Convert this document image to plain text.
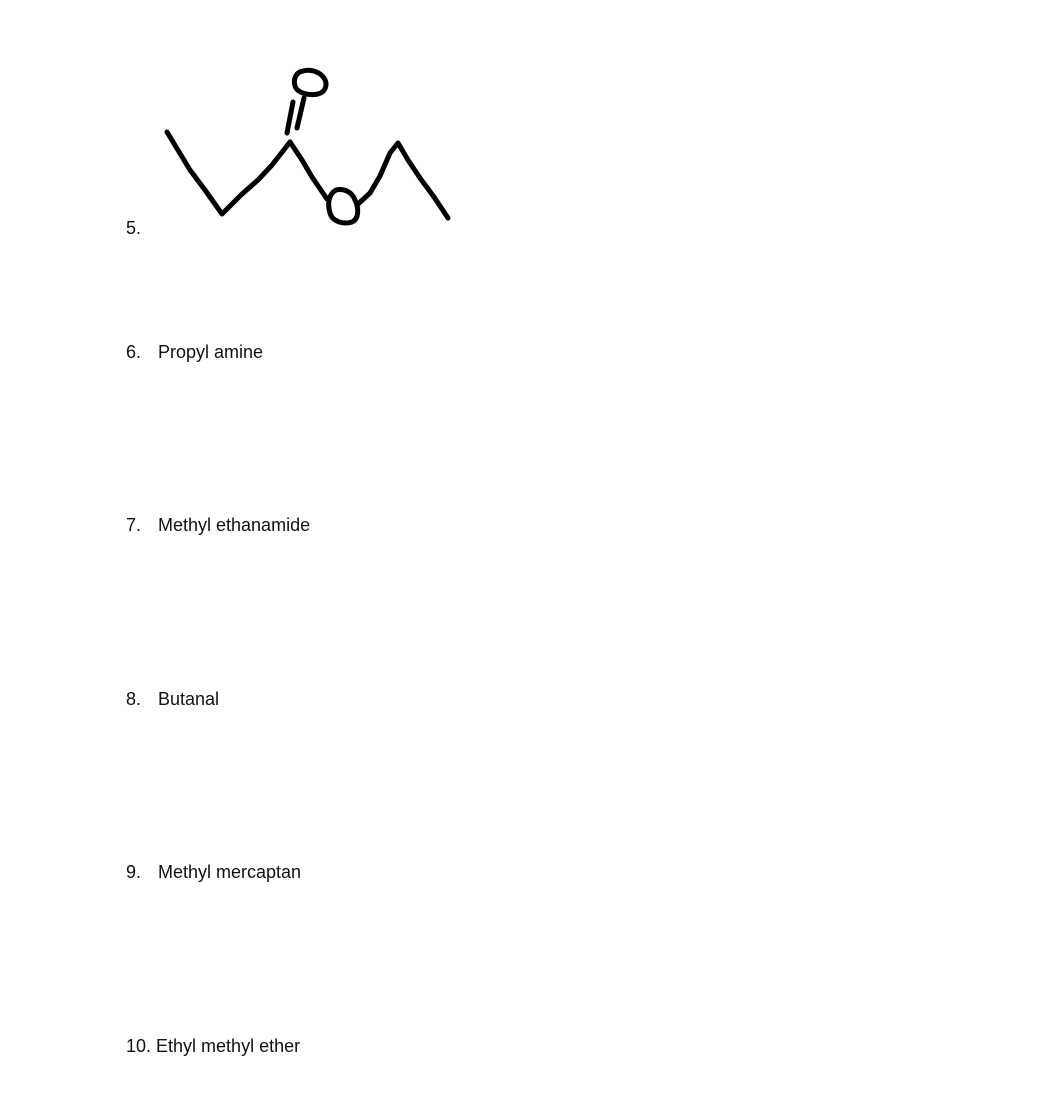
5.
6. Propyl amine
7. Methyl ethanamide
8. Butanal
9. Methyl mercaptan
10. Ethyl methyl ether
